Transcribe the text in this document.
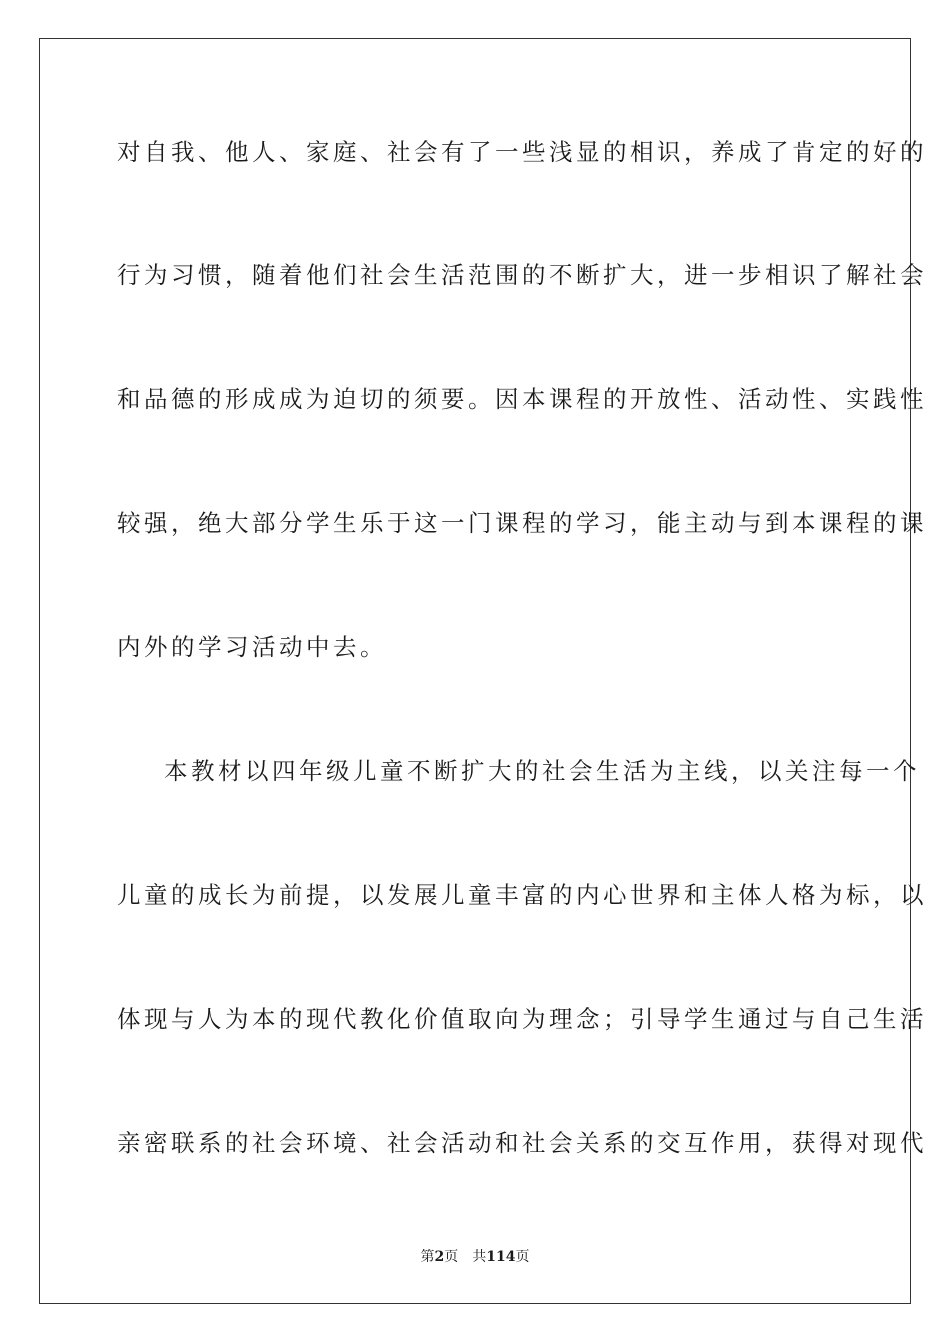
对自我、他人、家庭、社会有了一些浅显的相识，养成了肯定的好的
行为习惯，随着他们社会生活范围的不断扩大，进一步相识了解社会
和品德的形成成为迫切的须要。因本课程的开放性、活动性、实践性
较强，绝大部分学生乐于这一门课程的学习，能主动与到本课程的课
内外的学习活动中去。
本教材以四年级儿童不断扩大的社会生活为主线，以关注每一个
儿童的成长为前提，以发展儿童丰富的内心世界和主体人格为标，以
体现与人为本的现代教化价值取向为理念；引导学生通过与自己生活
亲密联系的社会环境、社会活动和社会关系的交互作用，获得对现代
第2页 共114页
